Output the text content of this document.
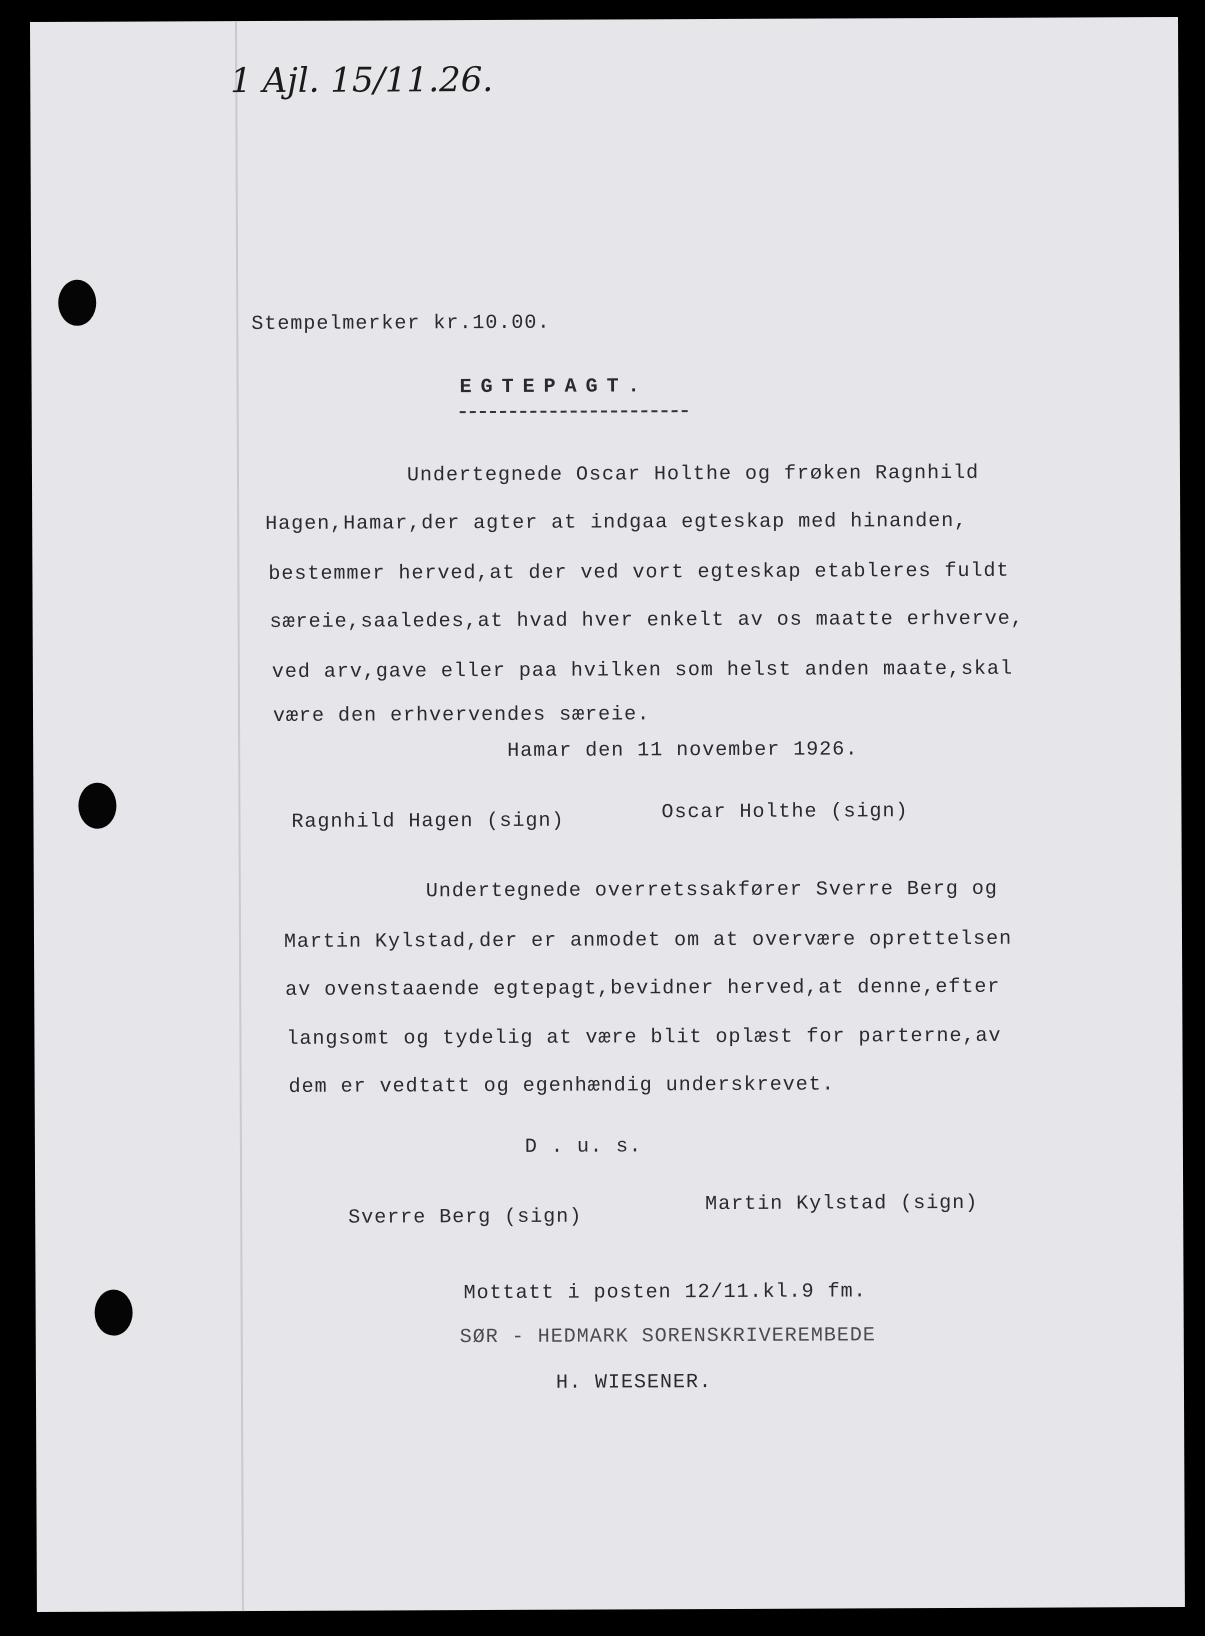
1 Ajl. 15/11.26.
Stempelmerker kr.10.00.
EGTEPAGT.
Undertegnede Oscar Holthe og frøken Ragnhild
Hagen,Hamar,der agter at indgaa egteskap med hinanden,
bestemmer herved,at der ved vort egteskap etableres fuldt
særeie,saaledes,at hvad hver enkelt av os maatte erhverve,
ved arv,gave eller paa hvilken som helst anden maate,skal
være den erhvervendes særeie.
Hamar den 11 november 1926.
Ragnhild Hagen (sign)	Oscar Holthe (sign)
Undertegnede overretssakfører Sverre Berg og
Martin Kylstad,der er anmodet om at overvære oprettelsen
av ovenstaaende egtepagt,bevidner herved,at denne,efter
langsomt og tydelig at være blit oplæst for parterne,av
dem er vedtatt og egenhændig underskrevet.
D . u. s.
Sverre Berg (sign)
Martin Kylstad (sign)
Mottatt i posten 12/11.kl.9 fm.
SØR - HEDMARK SORENSKRIVEREMBEDE
H. WIESENER.
